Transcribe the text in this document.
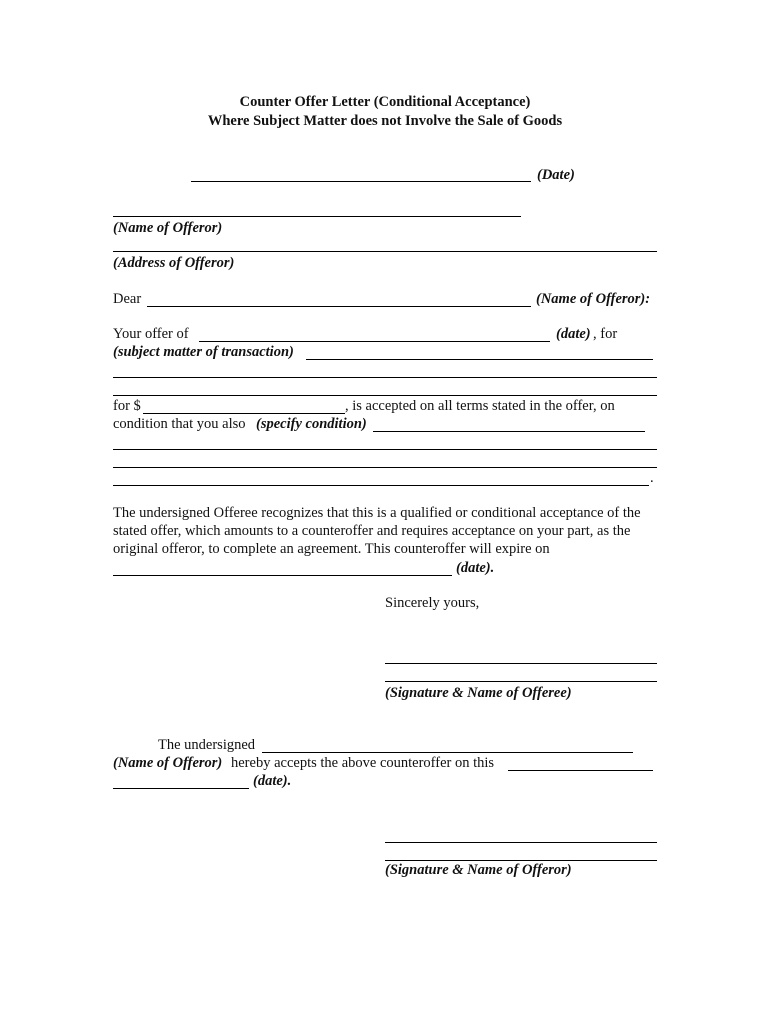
Counter Offer Letter (Conditional Acceptance)
Where Subject Matter does not Involve the Sale of Goods
(Date)
(Name of Offeror)
(Address of Offeror)
Dear	(Name of Offeror):
Your offer of	(date) , for
(subject matter of transaction)
for $	, is accepted on all terms stated in the offer, on
condition that you also (specify condition)
.
The undersigned Offeree recognizes that this is a qualified or conditional acceptance of the stated offer, which amounts to a counteroffer and requires acceptance on your part, as the original offeror, to complete an agreement. This counteroffer will expire on
(date).
Sincerely yours,
(Signature & Name of Offeree)
The undersigned
(Name of Offeror) hereby accepts the above counteroffer on this
(date).
(Signature & Name of Offeror)
